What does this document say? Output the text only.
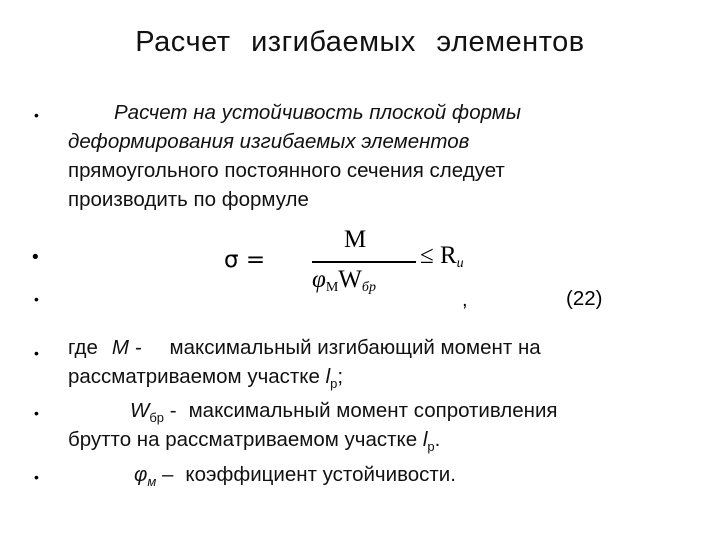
Расчет изгибаемых элементов
•	Расчет на устойчивость плоской формы
деформирования изгибаемых элементов
прямоугольного постоянного сечения следует
производить по формуле
•
•
σ =
M
$\varphi_MW_{бр}$
≤ $R_и$
,	(22)
• где М - максимальный изгибающий момент на
рассматриваемом участке $l_р$;
•	$W_{бр}$ - максимальный момент сопротивления
брутто на рассматриваемом участке $l_р$.
•	$\varphi_м$ – коэффициент устойчивости.
